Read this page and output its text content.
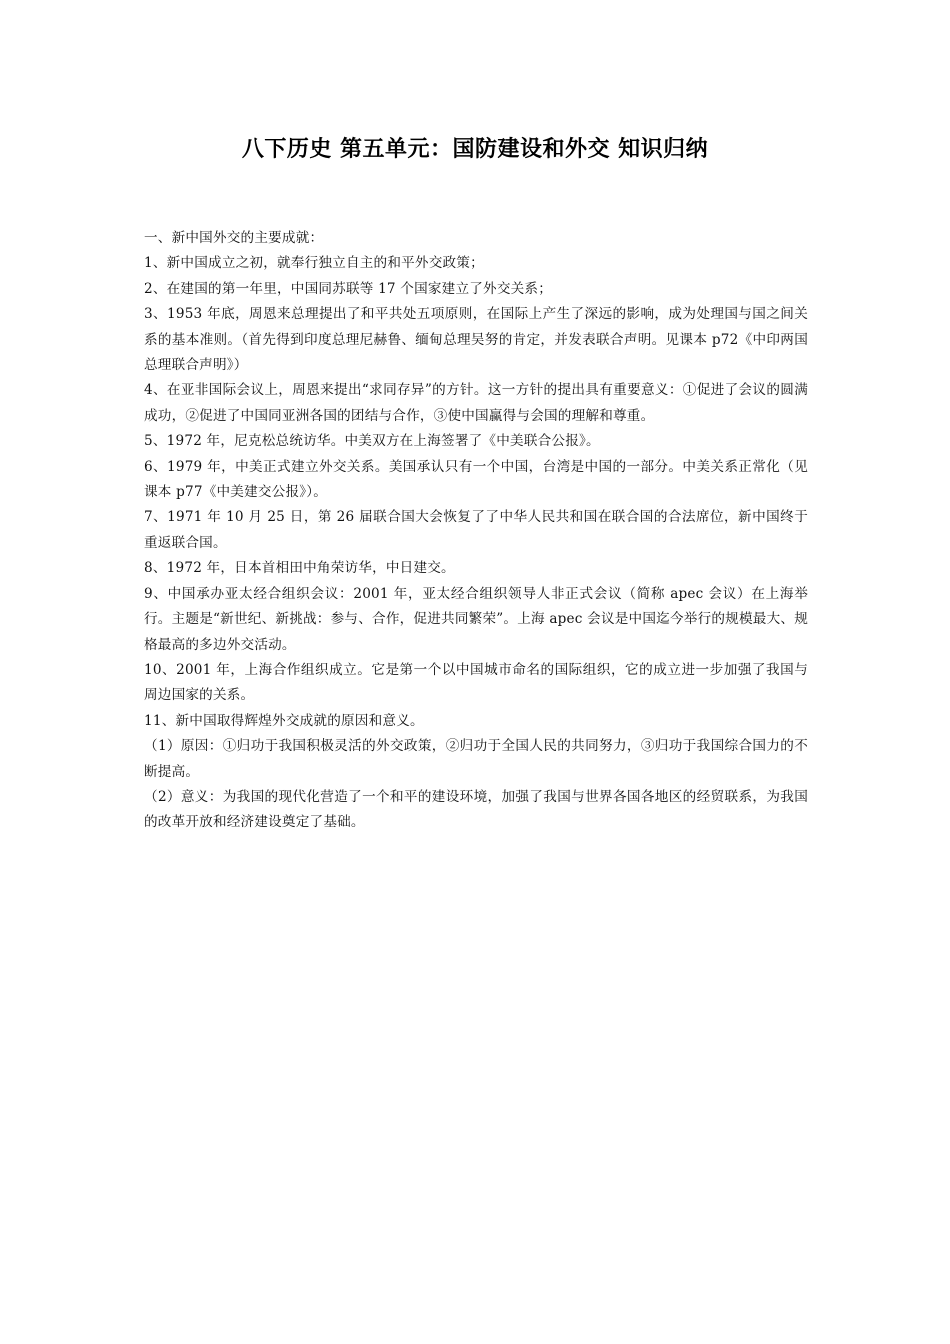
八下历史 第五单元：国防建设和外交 知识归纳

一、新中国外交的主要成就：

1、新中国成立之初，就奉行独立自主的和平外交政策；

2、在建国的第一年里，中国同苏联等 17 个国家建立了外交关系；

3、1953 年底，周恩来总理提出了和平共处五项原则，在国际上产生了深远的影响，成为处理国与国之间关系的基本准则。（首先得到印度总理尼赫鲁、缅甸总理吴努的肯定，并发表联合声明。见课本 p72《中印两国总理联合声明》）

4、在亚非国际会议上，周恩来提出“求同存异”的方针。这一方针的提出具有重要意义：①促进了会议的圆满成功，②促进了中国同亚洲各国的团结与合作，③使中国赢得与会国的理解和尊重。

5、1972 年，尼克松总统访华。中美双方在上海签署了《中美联合公报》。

6、1979 年，中美正式建立外交关系。美国承认只有一个中国，台湾是中国的一部分。中美关系正常化（见课本 p77《中美建交公报》）。

7、1971 年 10 月 25 日，第 26 届联合国大会恢复了了中华人民共和国在联合国的合法席位，新中国终于重返联合国。

8、1972 年，日本首相田中角荣访华，中日建交。

9、中国承办亚太经合组织会议：2001 年，亚太经合组织领导人非正式会议（简称 apec 会议）在上海举行。主题是“新世纪、新挑战：参与、合作，促进共同繁荣”。上海 apec 会议是中国迄今举行的规模最大、规格最高的多边外交活动。

10、2001 年，上海合作组织成立。它是第一个以中国城市命名的国际组织，它的成立进一步加强了我国与周边国家的关系。

11、新中国取得辉煌外交成就的原因和意义。

（1）原因：①归功于我国积极灵活的外交政策，②归功于全国人民的共同努力，③归功于我国综合国力的不断提高。

（2）意义：为我国的现代化营造了一个和平的建设环境，加强了我国与世界各国各地区的经贸联系，为我国的改革开放和经济建设奠定了基础。
